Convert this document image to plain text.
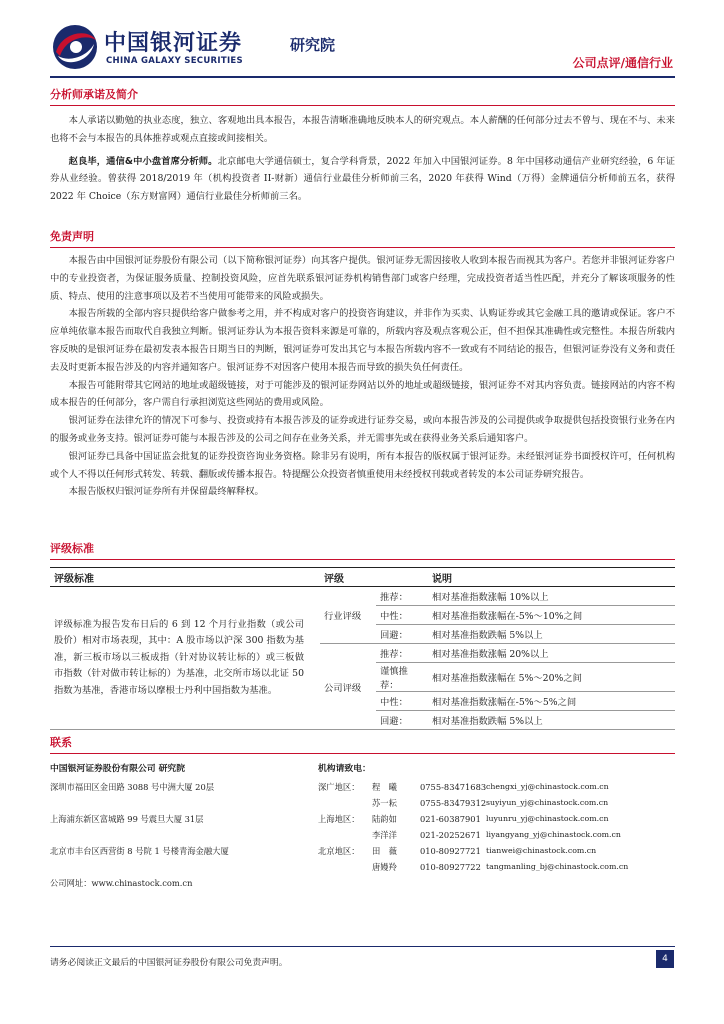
中国银河证券	研究院
CHINA GALAXY SECURITIES	公司点评/通信行业
分析师承诺及简介

本人承诺以勤勉的执业态度，独立、客观地出具本报告，本报告清晰准确地反映本人的研究观点。本人薪酬的任何部分过去不曾与、现在不与、未来也将不会与本报告的具体推荐或观点直接或间接相关。

赵良毕，通信&中小盘首席分析师。北京邮电大学通信硕士，复合学科背景，2022 年加入中国银河证券。8 年中国移动通信产业研究经验，6 年证券从业经验。曾获得 2018/2019 年（机构投资者 II-财新）通信行业最佳分析师前三名，2020 年获得 Wind（万得）金牌通信分析师前五名，获得 2022 年 Choice（东方财富网）通信行业最佳分析师前三名。

免责声明

本报告由中国银河证券股份有限公司（以下简称银河证券）向其客户提供。银河证券无需因接收人收到本报告而视其为客户。若您并非银河证券客户中的专业投资者，为保证服务质量、控制投资风险，应首先联系银河证券机构销售部门或客户经理，完成投资者适当性匹配，并充分了解该项服务的性质、特点、使用的注意事项以及若不当使用可能带来的风险或损失。

本报告所载的全部内容只提供给客户做参考之用，并不构成对客户的投资咨询建议，并非作为买卖、认购证券或其它金融工具的邀请或保证。客户不应单纯依靠本报告而取代自我独立判断。银河证券认为本报告资料来源是可靠的，所载内容及观点客观公正，但不担保其准确性或完整性。本报告所载内容反映的是银河证券在最初发表本报告日期当日的判断，银河证券可发出其它与本报告所载内容不一致或有不同结论的报告，但银河证券没有义务和责任去及时更新本报告涉及的内容并通知客户。银河证券不对因客户使用本报告而导致的损失负任何责任。

本报告可能附带其它网站的地址或超级链接，对于可能涉及的银河证券网站以外的地址或超级链接，银河证券不对其内容负责。链接网站的内容不构成本报告的任何部分，客户需自行承担浏览这些网站的费用或风险。

银河证券在法律允许的情况下可参与、投资或持有本报告涉及的证券或进行证券交易，或向本报告涉及的公司提供或争取提供包括投资银行业务在内的服务或业务支持。银河证券可能与本报告涉及的公司之间存在业务关系，并无需事先或在获得业务关系后通知客户。

银河证券已具备中国证监会批复的证券投资咨询业务资格。除非另有说明，所有本报告的版权属于银河证券。未经银河证券书面授权许可，任何机构或个人不得以任何形式转发、转载、翻版或传播本报告。特提醒公众投资者慎重使用未经授权刊载或者转发的本公司证券研究报告。

本报告版权归银河证券所有并保留最终解释权。

评级标准
评级标准	评级		说明
评级标准为报告发布日后的 6 到 12 个月行业指数（或公司股价）相对市场表现，其中：A 股市场以沪深 300 指数为基准，新三板市场以三板成指（针对协议转让标的）或三板做市指数（针对做市转让标的）为基准，北交所市场以北证 50 指数为基准，香港市场以摩根士丹利中国指数为基准。	行业评级	推荐：	相对基准指数涨幅 10%以上
		中性：	相对基准指数涨幅在-5%～10%之间
		回避：	相对基准指数跌幅 5%以上
	公司评级	推荐：	相对基准指数涨幅 20%以上
		谨慎推荐：	相对基准指数涨幅在 5%～20%之间
		中性：	相对基准指数涨幅在-5%～5%之间
		回避：	相对基准指数跌幅 5%以上
联系
中国银河证券股份有限公司 研究院	机构请致电：
深圳市福田区金田路 3088 号中洲大厦 20层
上海浦东新区富城路 99 号震旦大厦 31层
北京市丰台区西营街 8 号院 1 号楼青海金融大厦
公司网址：www.chinastock.com.cn
深广地区： 程　曦	0755-83471683 chengxi_yj@chinastock.com.cn
苏一耘	0755-83479312 suyiyun_yj@chinastock.com.cn
上海地区： 陆韵如	021-60387901 luyunru_yj@chinastock.com.cn
李洋洋	021-20252671 liyangyang_yj@chinastock.com.cn
北京地区： 田　薇	010-80927721 tianwei@chinastock.com.cn
唐嫚羚	010-80927722 tangmanling_bj@chinastock.com.cn
请务必阅读正文最后的中国银河证券股份有限公司免责声明。	4
